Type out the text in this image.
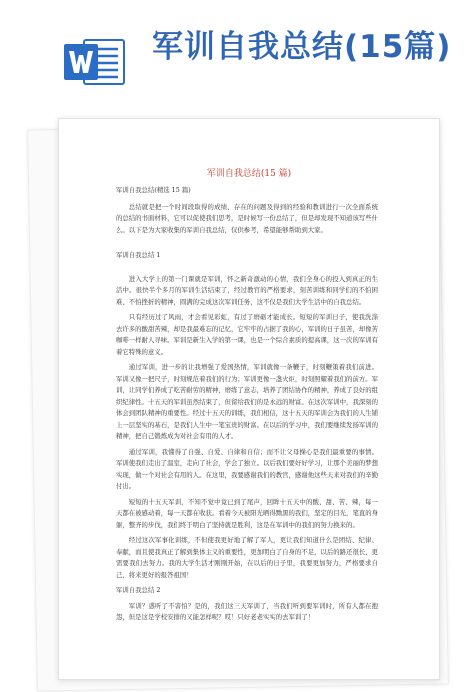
军训自我总结(15篇)
军训自我总结(15 篇)

军训自我总结(精选 15 篇)

总结就是把一个时间段取得的成绩、存在的问题及得到的经验和教训进行一次全面系统的总结的书面材料，它可以促使我们思考，是时候写一份总结了，但是却发现不知道该写些什么。以下是为大家收集的军训自我总结，仅供参考，希望能够帮助到大家。

军训自我总结 1

进入大学上的第一门课就是军训，怀之新奇激动的心情，我们全身心的投入到真正的生活中。很快半个多月的军训生活结束了，经过教官的严格要求，刻苦训练和同学们的不怕困难、不怕挫折的精神，圆满的完成这次军训任务，这不仅是我们大学生活中的自我总结。

只有经历过了风雨，才会看见彩虹，有过了磨砺才能成长。短短的军训日子，使我洗涤去许多的酸甜苦辣，却是我最难忘的记忆，它牢牢的占据了我的心，军训的日子虽苦，却像苦咖啡一样耐人寻味。军训是新生入学的第一课，也是一个综合素质的提高课，这一次的军训有着它特殊的意义。

通过军训，进一步的让我增强了爱国热情，军训就像一条鞭子，时刻鞭策着我们前进。军训又像一把尺子，时刻规范着我们的行为；军训更像一盏火炬，时刻照耀着我们的前方。军训，让同学们养成了吃苦耐劳的精神，磨练了意志，培养了团结协作的精神，养成了良好的组织纪律性。十五天的军训虽然结束了，但留给我们的是永远的财富。在这次军训中，我深刻的体会到团队精神的重要性。经过十五天的训练，我们相信，这十五天的军训会为我们的人生铺上一层坚实的基石，是我们人生中一笔宝贵的财富。在以后的学习中，我们要继续发扬军训的精神，把自己锻炼成为对社会有用的人才。

通过军训，我懂得了自强、自爱、自律和自信；而不让父母操心是我们最重要的事情。军训使我们走出了温室，走向了社会，学会了独立。以后我们要好好学习，让那个美丽的梦想实现，做一个对社会有用的人。在这里，我要感谢我们的教官，感谢他这些天来对我们的辛勤付出。

短短的十五天军训，不知不觉中竟已到了尾声，回眸十五天中的酸、甜、苦、辣，每一天都在被感动着，每一天都在收获。看着今天被阳光晒得黝黑的我们，坚定的目光，笔直的身躯，整齐的步伐，我们终于明白了坚持就是胜利，这是在军训中的我们的努力换来的。

经过这次军事化训练，不但使我更好地了解了军人，更让我们知道什么是团结、纪律、奉献，而且使我真正了解到集体主义的重要性，更加明白了自身的不足，以后的路还很长，更需要我们去努力。我的大学生活才刚刚开始，在以后的日子里，我要更加努力，严格要求自己，将来更好的报答祖国！

军训自我总结 2

军训？惑听了不害怕？是的，我们这三天军训了，当我们听到要军训时，所有人都在抱怨，但是这是学校安排的又能怎样呢？哎！只好老老实实的去军训了！
